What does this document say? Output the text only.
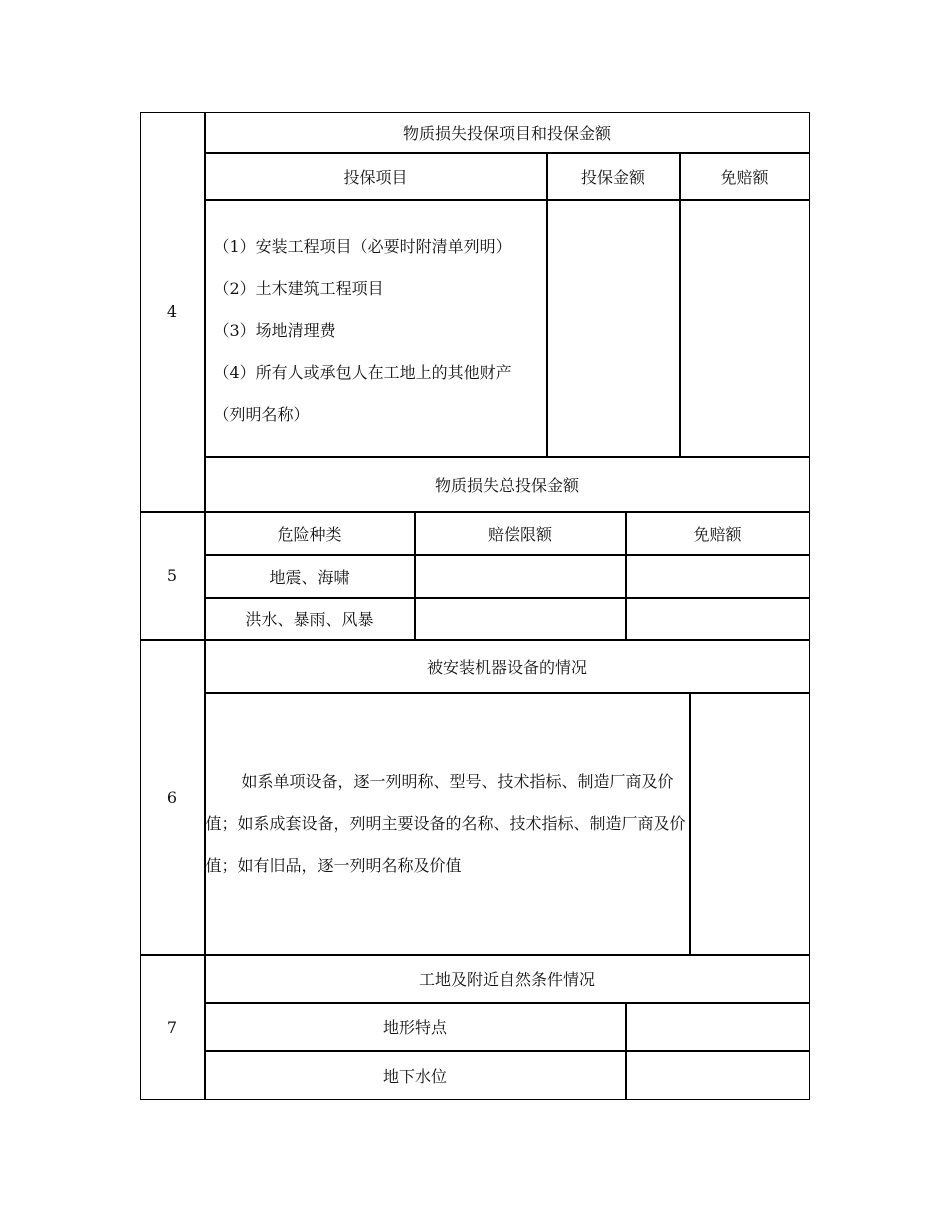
4
物质损失投保项目和投保金额
投保项目	投保金额	免赔额
（1）安装工程项目（必要时附清单列明）
（2）土木建筑工程项目
（3）场地清理费
（4）所有人或承包人在工地上的其他财产
（列明名称）
物质损失总投保金额
5
危险种类	赔偿限额	免赔额
地震、海啸
洪水、暴雨、风暴
6
被安装机器设备的情况
如系单项设备，逐一列明称、型号、技术指标、制造厂商及价值；如系成套设备，列明主要设备的名称、技术指标、制造厂商及价值；如有旧品，逐一列明名称及价值
7
工地及附近自然条件情况
地形特点
地下水位
